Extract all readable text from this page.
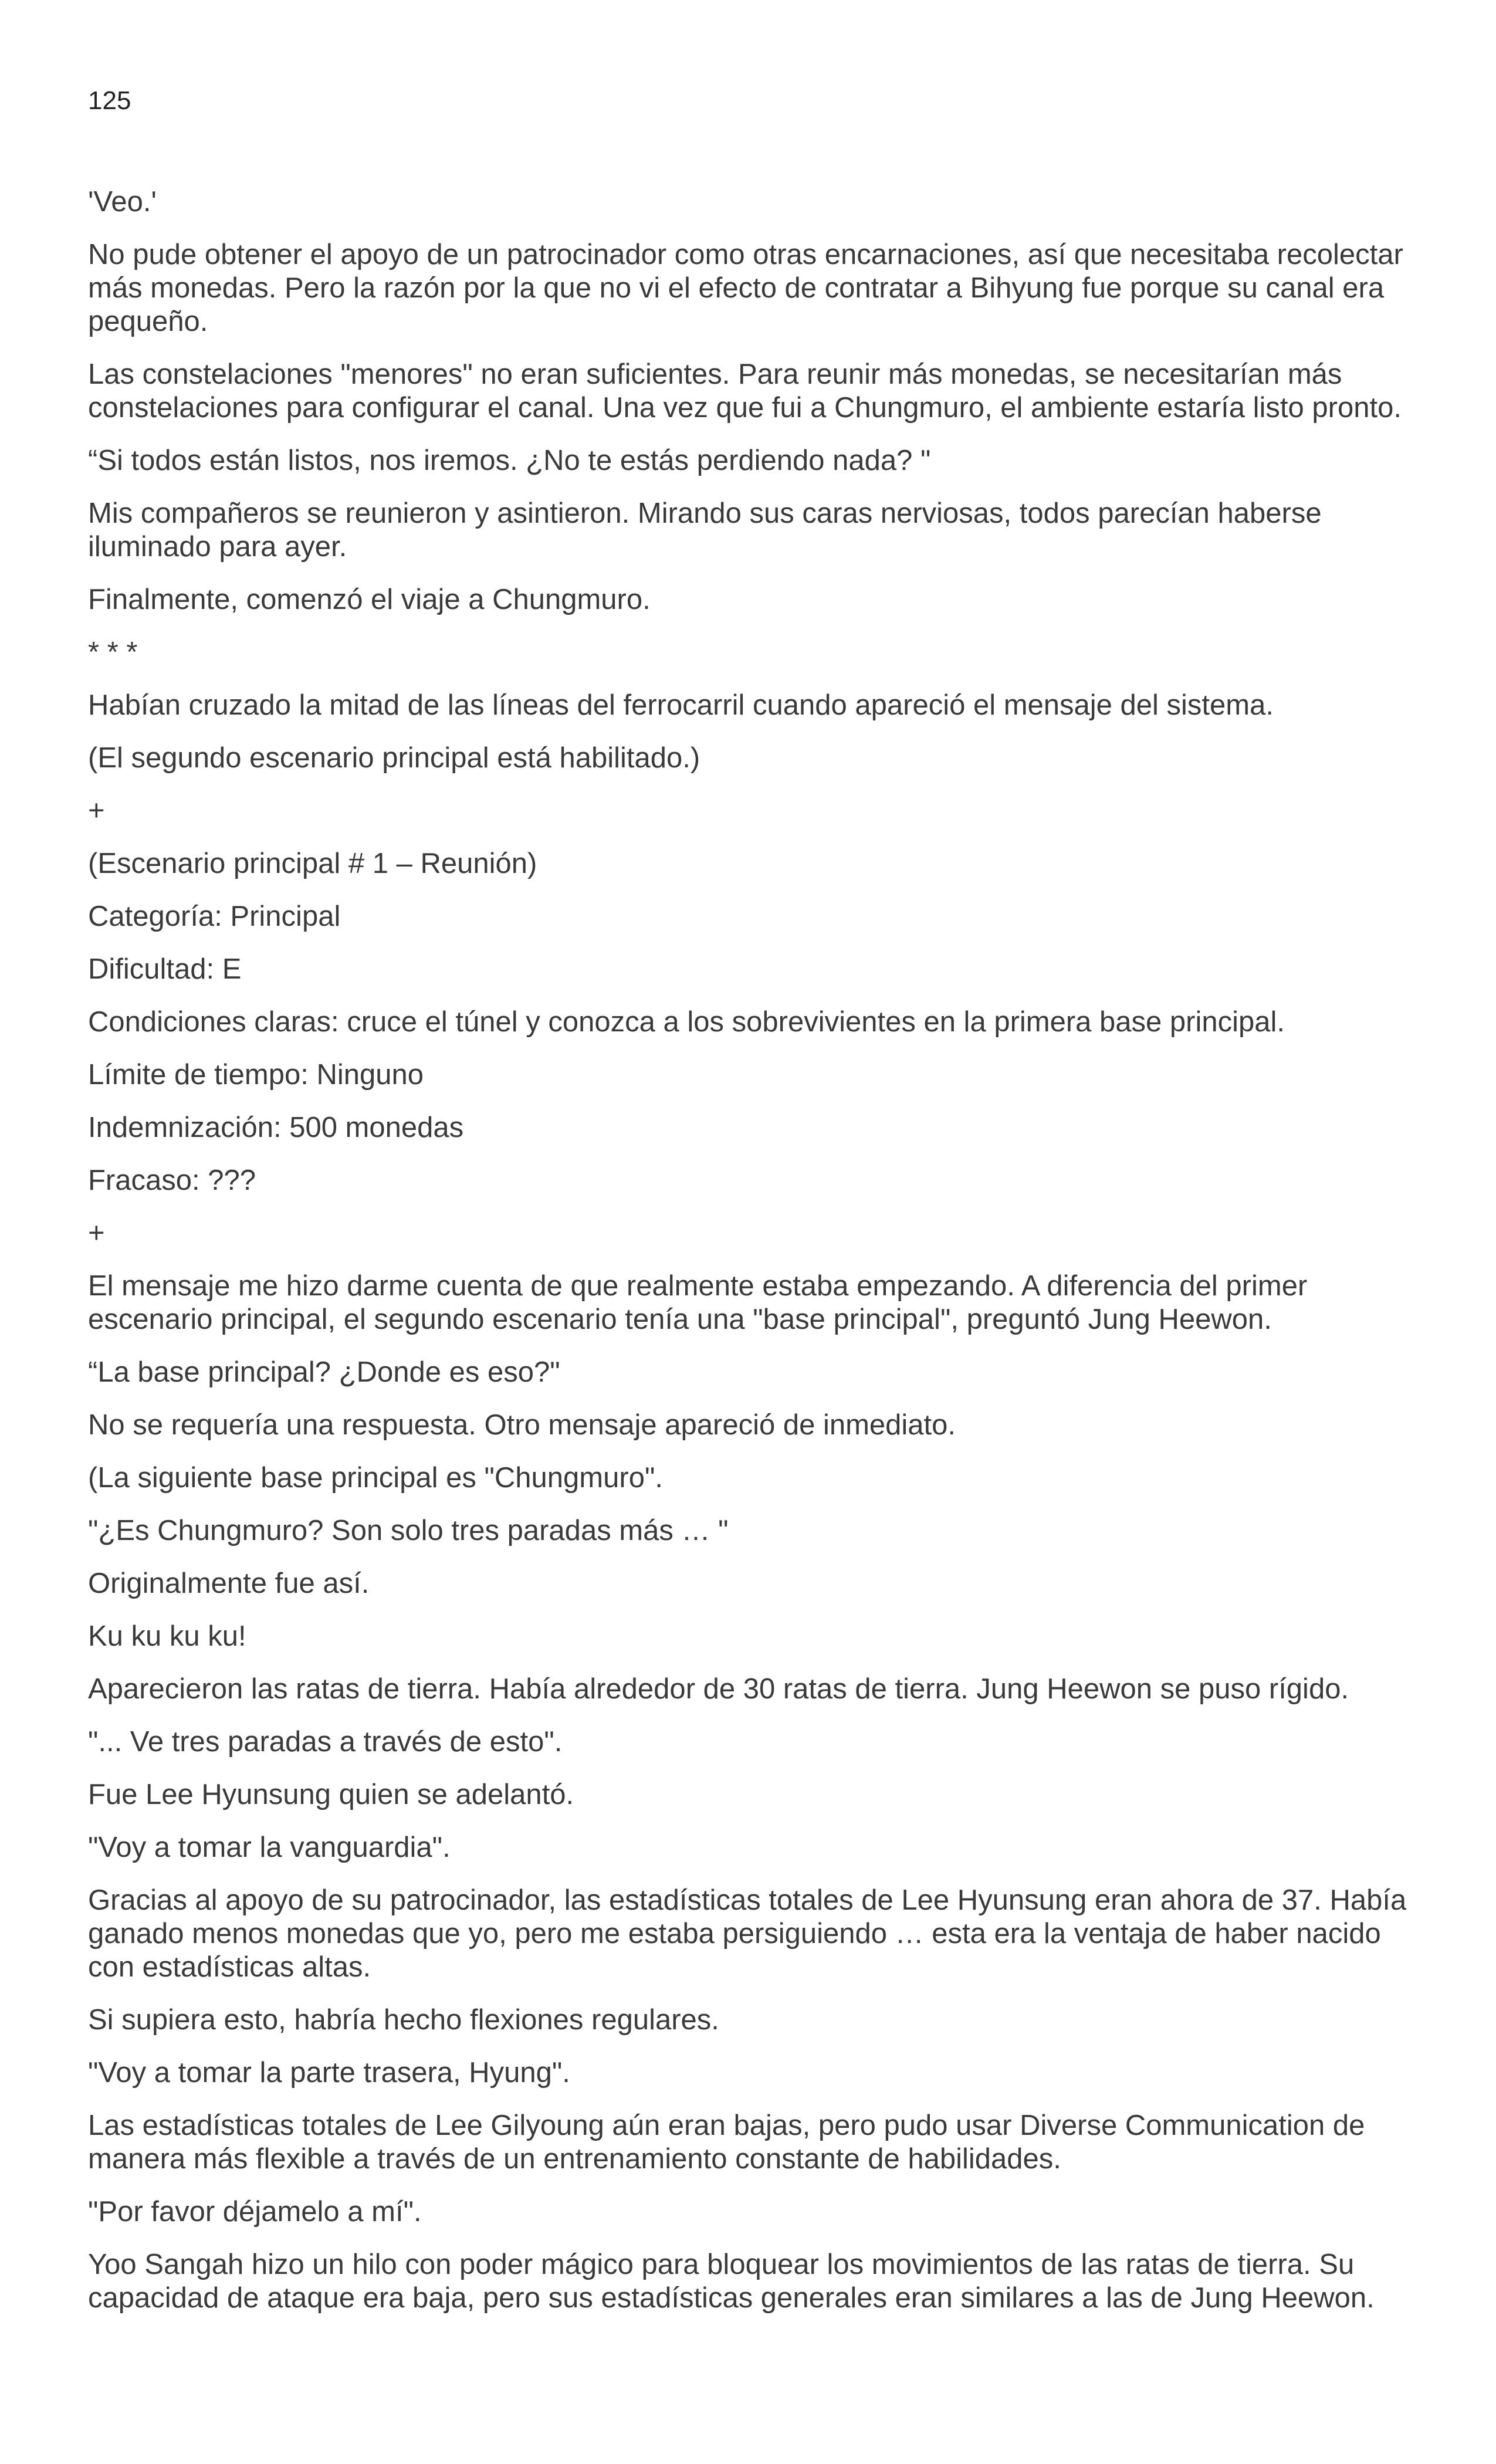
125

'Veo.'

No pude obtener el apoyo de un patrocinador como otras encarnaciones, así que necesitaba recolectar más monedas. Pero la razón por la que no vi el efecto de contratar a Bihyung fue porque su canal era pequeño.

Las constelaciones "menores" no eran suficientes. Para reunir más monedas, se necesitarían más constelaciones para configurar el canal. Una vez que fui a Chungmuro, el ambiente estaría listo pronto.

“Si todos están listos, nos iremos. ¿No te estás perdiendo nada? "

Mis compañeros se reunieron y asintieron. Mirando sus caras nerviosas, todos parecían haberse iluminado para ayer.

Finalmente, comenzó el viaje a Chungmuro.

* * *

Habían cruzado la mitad de las líneas del ferrocarril cuando apareció el mensaje del sistema.

(El segundo escenario principal está habilitado.)

+

(Escenario principal # 1 – Reunión)

Categoría: Principal

Dificultad: E

Condiciones claras: cruce el túnel y conozca a los sobrevivientes en la primera base principal.

Límite de tiempo: Ninguno

Indemnización: 500 monedas

Fracaso: ???

+

El mensaje me hizo darme cuenta de que realmente estaba empezando. A diferencia del primer escenario principal, el segundo escenario tenía una "base principal", preguntó Jung Heewon.

“La base principal? ¿Donde es eso?"

No se requería una respuesta. Otro mensaje apareció de inmediato.

(La siguiente base principal es "Chungmuro".

"¿Es Chungmuro? Son solo tres paradas más … "

Originalmente fue así.

Ku ku ku ku!

Aparecieron las ratas de tierra. Había alrededor de 30 ratas de tierra. Jung Heewon se puso rígido.

"... Ve tres paradas a través de esto".

Fue Lee Hyunsung quien se adelantó.

"Voy a tomar la vanguardia".

Gracias al apoyo de su patrocinador, las estadísticas totales de Lee Hyunsung eran ahora de 37. Había ganado menos monedas que yo, pero me estaba persiguiendo … esta era la ventaja de haber nacido con estadísticas altas.

Si supiera esto, habría hecho flexiones regulares.

"Voy a tomar la parte trasera, Hyung".

Las estadísticas totales de Lee Gilyoung aún eran bajas, pero pudo usar Diverse Communication de manera más flexible a través de un entrenamiento constante de habilidades.

"Por favor déjamelo a mí".

Yoo Sangah hizo un hilo con poder mágico para bloquear los movimientos de las ratas de tierra. Su capacidad de ataque era baja, pero sus estadísticas generales eran similares a las de Jung Heewon.
